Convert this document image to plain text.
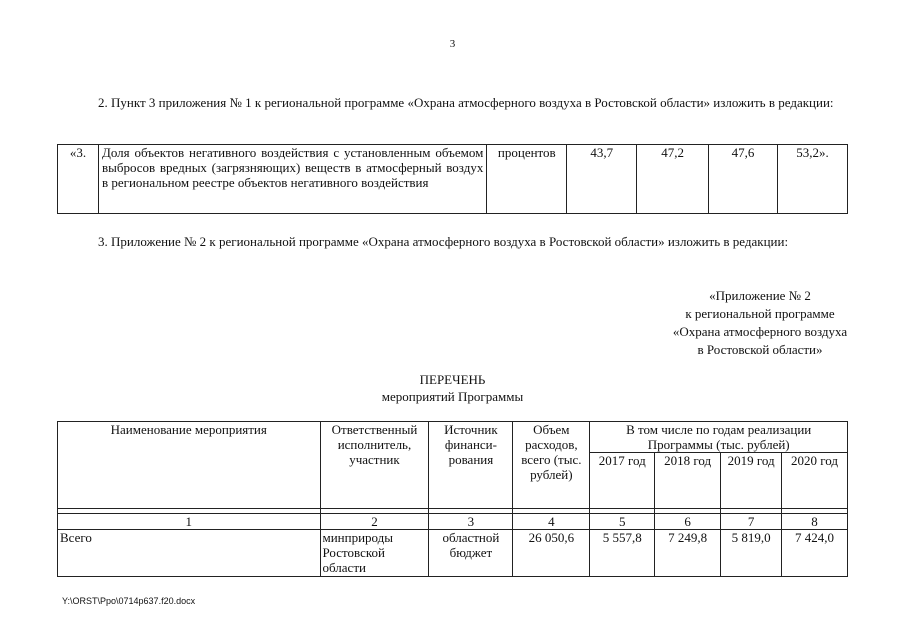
3
2. Пункт 3 приложения № 1 к региональной программе «Охрана атмосферного воздуха в Ростовской области» изложить в редакции:
«3.	Доля объектов негативного воздействия с установленным объемом выбросов вредных (загрязняющих) веществ в атмосферный воздух в региональном реестре объектов негативного воздействия	процентов	43,7	47,2	47,6	53,2».
3. Приложение № 2 к региональной программе «Охрана атмосферного воздуха в Ростовской области» изложить в редакции:
«Приложение № 2
к региональной программе
«Охрана атмосферного воздуха
в Ростовской области»
ПЕРЕЧЕНЬ
мероприятий Программы
Наименование мероприятия	Ответственный исполнитель, участник	Источник финанси-рования	Объем расходов, всего (тыс. рублей)	В том числе по годам реализации Программы (тыс. рублей)			
				2017 год	2018 год	2019 год	2020 год

1	2	3	4	5	6	7	8
Всего	минприроды Ростовской области	областной бюджет	26 050,6	5 557,8	7 249,8	5 819,0	7 424,0
Y:\ORST\Ppo\0714p637.f20.docx
